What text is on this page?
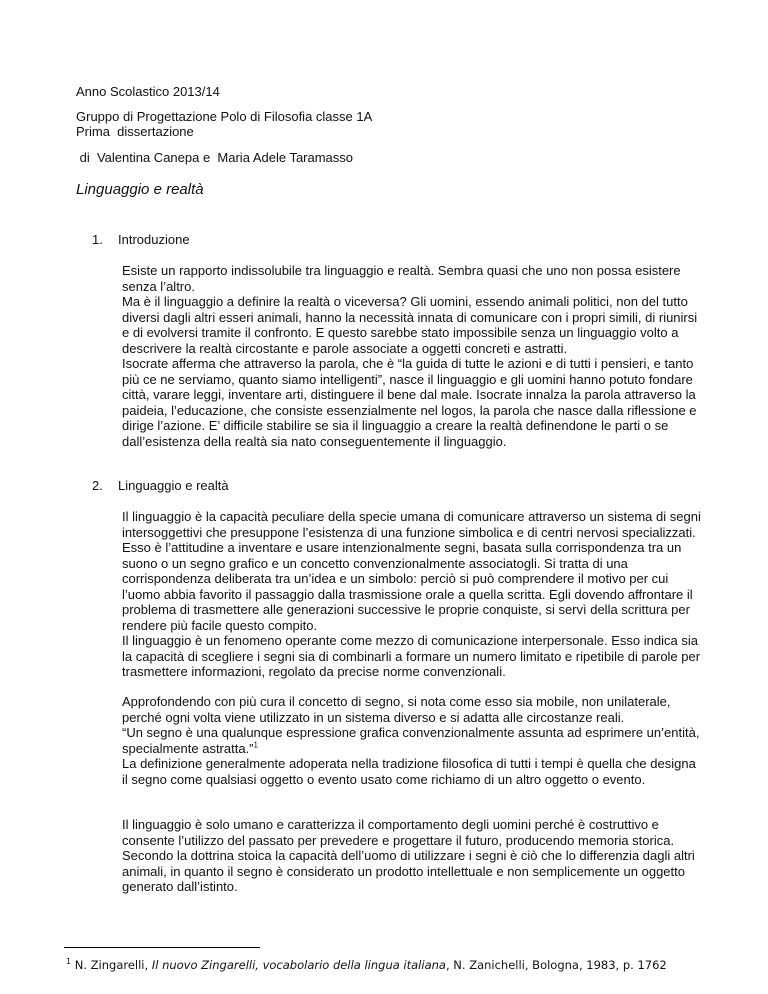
Anno Scolastico 2013/14

Gruppo di Progettazione Polo di Filosofia classe 1A

Prima  dissertazione

di  Valentina Canepa e  Maria Adele Taramasso

Linguaggio e realtà

1. Introduzione

Esiste un rapporto indissolubile tra linguaggio e realtà. Sembra quasi che uno non possa esistere

senza l’altro.

Ma è il linguaggio a definire la realtà o viceversa? Gli uomini, essendo animali politici, non del tutto

diversi dagli altri esseri animali, hanno la necessità innata di comunicare con i propri simili, di riunirsi

e di evolversi tramite il confronto. E questo sarebbe stato impossibile senza un linguaggio volto a

descrivere la realtà circostante e parole associate a oggetti concreti e astratti.

Isocrate afferma che attraverso la parola, che è “la guida di tutte le azioni e di tutti i pensieri, e tanto

più ce ne serviamo, quanto siamo intelligenti”, nasce il linguaggio e gli uomini hanno potuto fondare

città, varare leggi, inventare arti, distinguere il bene dal male. Isocrate innalza la parola attraverso la

paideia, l’educazione, che consiste essenzialmente nel logos, la parola che nasce dalla riflessione e

dirige l’azione. E’ difficile stabilire se sia il linguaggio a creare la realtà definendone le parti o se

dall’esistenza della realtà sia nato conseguentemente il linguaggio.

2. Linguaggio e realtà

Il linguaggio è la capacità peculiare della specie umana di comunicare attraverso un sistema di segni

intersoggettivi che presuppone l’esistenza di una funzione simbolica e di centri nervosi specializzati.

Esso è l’attitudine a inventare e usare intenzionalmente segni, basata sulla corrispondenza tra un

suono o un segno grafico e un concetto convenzionalmente associatogli. Si tratta di una

corrispondenza deliberata tra un’idea e un simbolo: perciò si può comprendere il motivo per cui

l’uomo abbia favorito il passaggio dalla trasmissione orale a quella scritta. Egli dovendo affrontare il

problema di trasmettere alle generazioni successive le proprie conquiste, si servì della scrittura per

rendere più facile questo compito.

Il linguaggio è un fenomeno operante come mezzo di comunicazione interpersonale. Esso indica sia

la capacità di scegliere i segni sia di combinarli a formare un numero limitato e ripetibile di parole per

trasmettere informazioni, regolato da precise norme convenzionali.

Approfondendo con più cura il concetto di segno, si nota come esso sia mobile, non unilaterale,

perché ogni volta viene utilizzato in un sistema diverso e si adatta alle circostanze reali.

“Un segno è una qualunque espressione grafica convenzionalmente assunta ad esprimere un’entità,

specialmente astratta.”$^1$

La definizione generalmente adoperata nella tradizione filosofica di tutti i tempi è quella che designa

il segno come qualsiasi oggetto o evento usato come richiamo di un altro oggetto o evento.

Il linguaggio è solo umano e caratterizza il comportamento degli uomini perché è costruttivo e

consente l’utilizzo del passato per prevedere e progettare il futuro, producendo memoria storica.

Secondo la dottrina stoica la capacità dell’uomo di utilizzare i segni è ciò che lo differenzia dagli altri

animali, in quanto il segno è considerato un prodotto intellettuale e non semplicemente un oggetto

generato dall’istinto.

$^1$ N. Zingarelli, Il nuovo Zingarelli, vocabolario della lingua italiana, N. Zanichelli, Bologna, 1983, p. 1762
